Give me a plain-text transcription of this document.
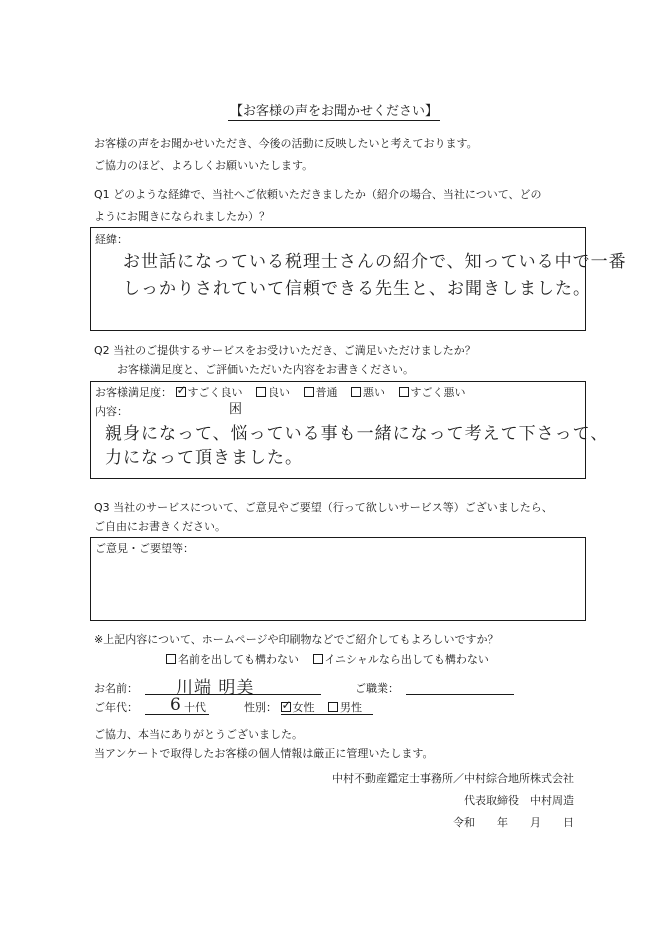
【お客様の声をお聞かせください】
お客様の声をお聞かせいただき、今後の活動に反映したいと考えております。
ご協力のほど、よろしくお願いいたします。
Q1 どのような経緯で、当社へご依頼いただきましたか（紹介の場合、当社について、どの
ようにお聞きになられましたか）？
経緯：
お世話になっている税理士さんの紹介で、知っている中で一番
しっかりされていて信頼できる先生と、お聞きしました。
Q2 当社のご提供するサービスをお受けいただき、ご満足いただけましたか？
お客様満足度と、ご評価いただいた内容をお書きください。
お客様満足度： ✓ すごく良い 良い 普通 悪い すごく悪い
内容：	困
親身になって、悩っている事も一緒になって考えて下さって、
力になって頂きました。
Q3 当社のサービスについて、ご意見やご要望（行って欲しいサービス等）ございましたら、
ご自由にお書きください。
ご意見・ご要望等：
※上記内容について、ホームページや印刷物などでご紹介してもよろしいですか？
名前を出しても構わない イニシャルなら出しても構わない
お名前： 川端 明美	ご職業：
ご年代： 6 十代	性別： ✓ 女性 男性
ご協力、本当にありがとうございました。
当アンケートで取得したお客様の個人情報は厳正に管理いたします。
中村不動産鑑定士事務所／中村綜合地所株式会社
代表取締役　中村周造
令和　　年　　月　　日
